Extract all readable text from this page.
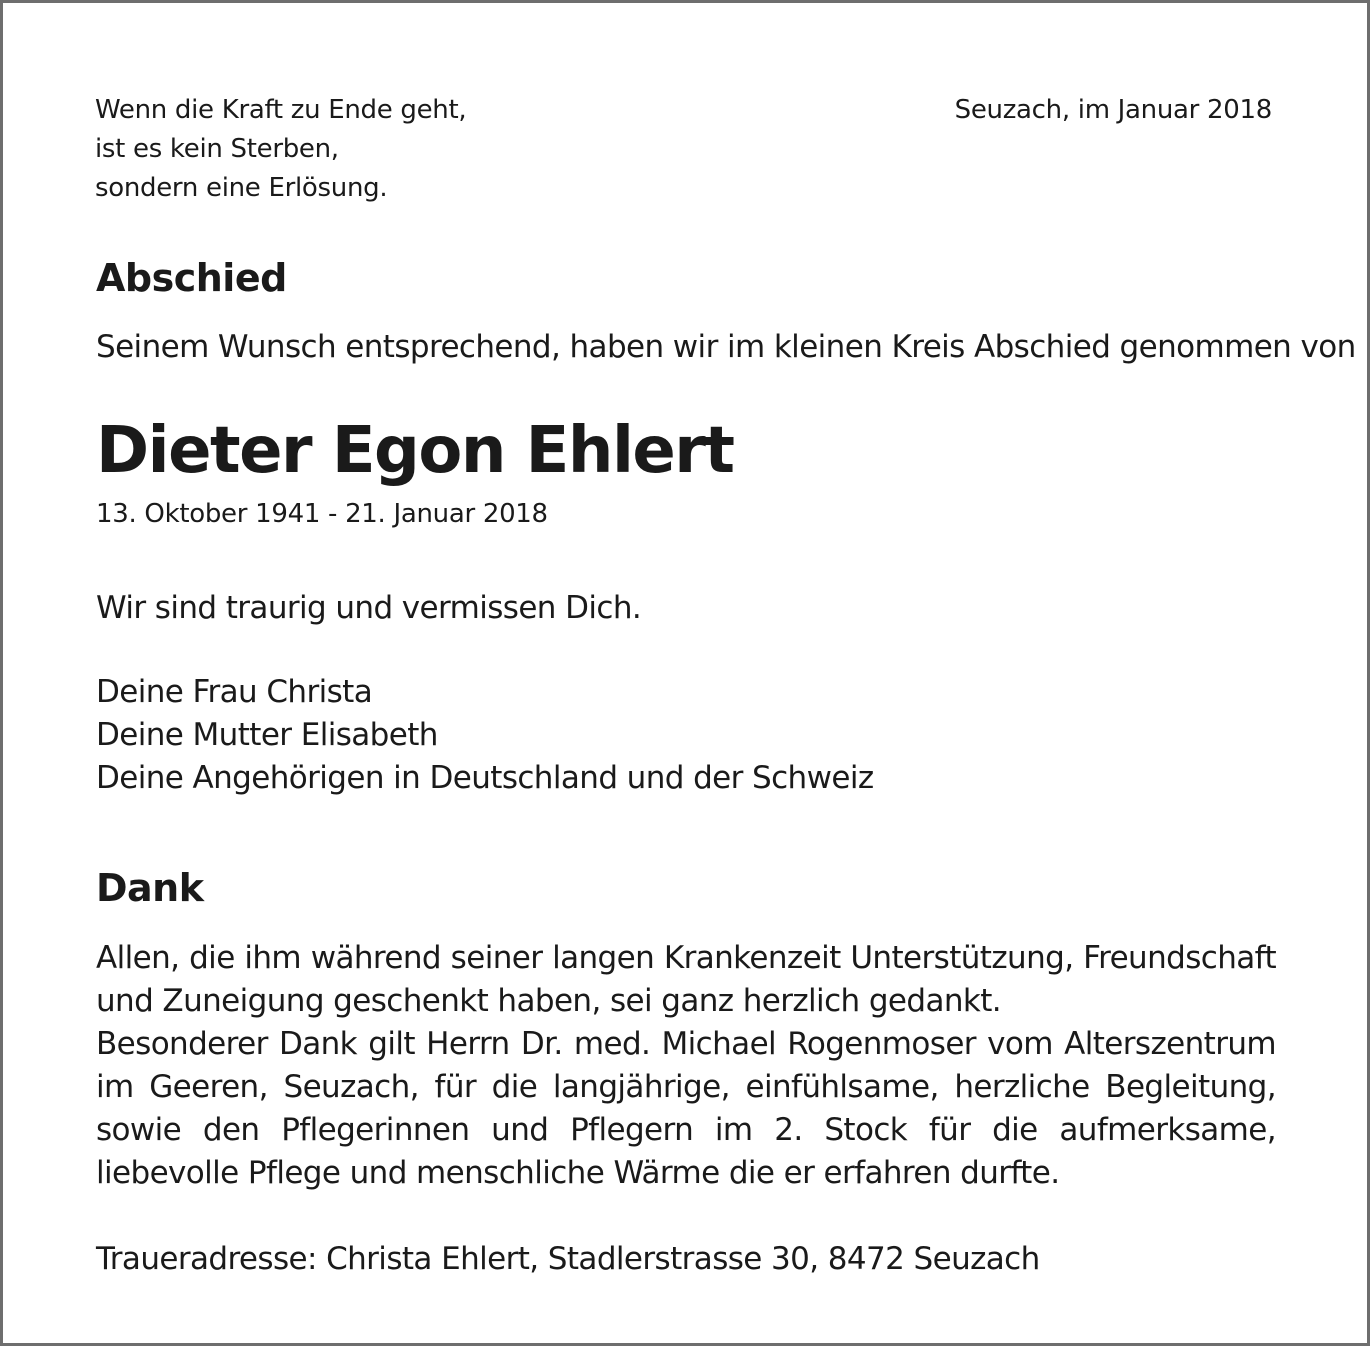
Wenn die Kraft zu Ende geht,
ist es kein Sterben,
sondern eine Erlösung.
Seuzach, im Januar 2018
Abschied
Seinem Wunsch entsprechend, haben wir im kleinen Kreis Abschied genommen von
Dieter Egon Ehlert
13. Oktober 1941 - 21. Januar 2018
Wir sind traurig und vermissen Dich.
Deine Frau Christa
Deine Mutter Elisabeth
Deine Angehörigen in Deutschland und der Schweiz
Dank

Allen, die ihm während seiner langen Krankenzeit Unterstützung, Freundschaft und Zuneigung geschenkt haben, sei ganz herzlich gedankt.

Besonderer Dank gilt Herrn Dr. med. Michael Rogenmoser vom Alterszentrum im Geeren, Seuzach, für die langjährige, einfühlsame, herzliche Begleitung, sowie den Pflegerinnen und Pflegern im 2. Stock für die aufmerksame, liebevolle Pflege und menschliche Wärme die er erfahren durfte.

Traueradresse: Christa Ehlert, Stadlerstrasse 30, 8472 Seuzach
